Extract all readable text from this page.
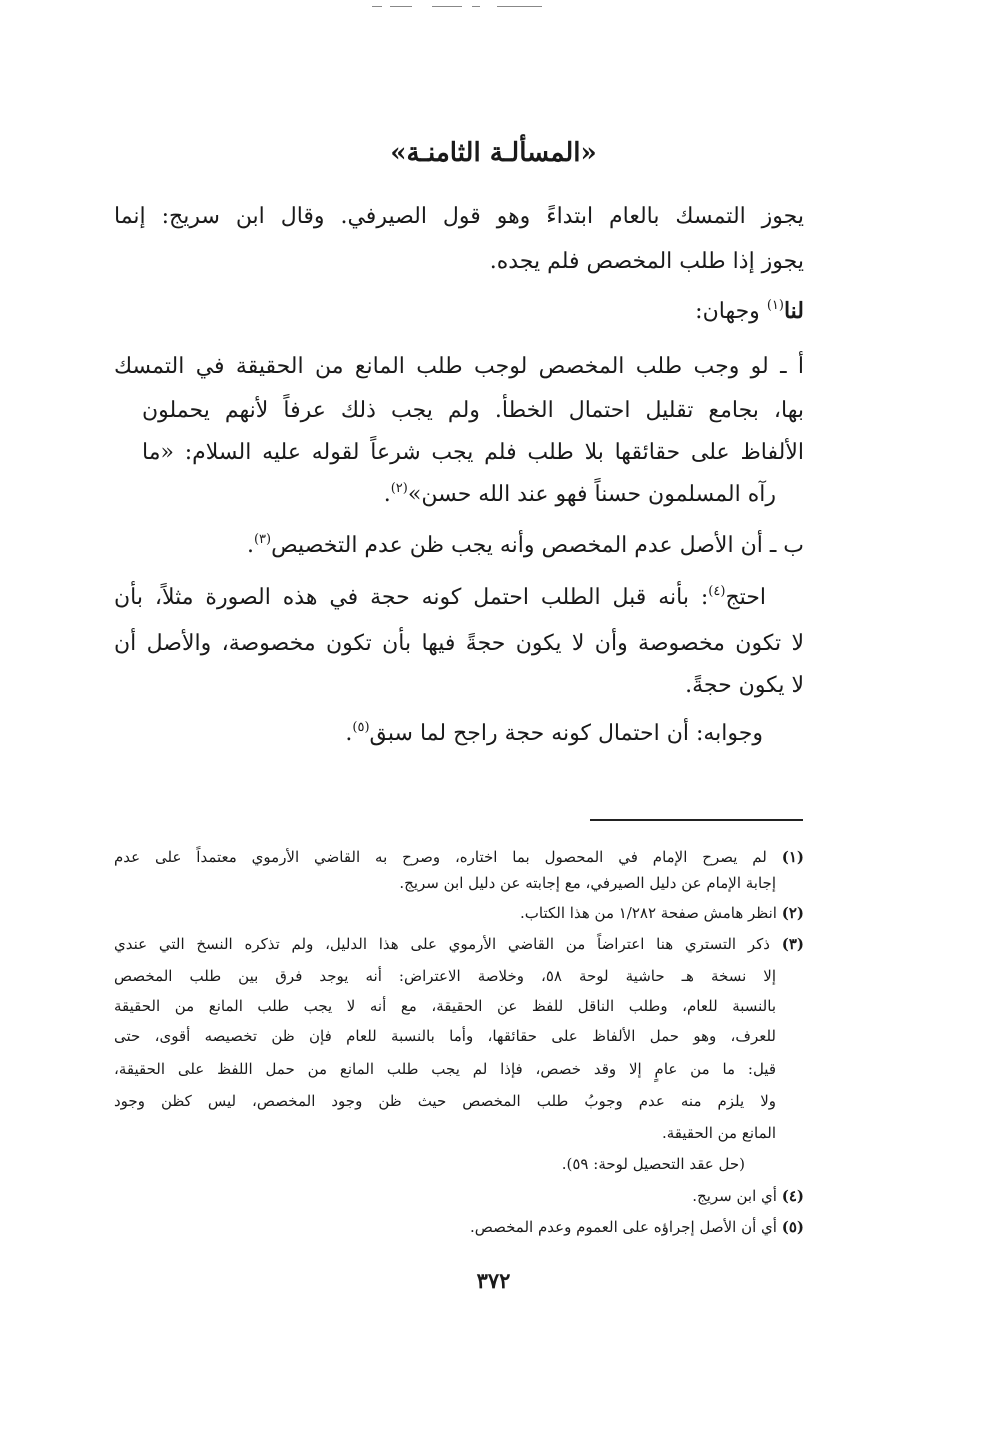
«المسألـة الثامنـة»
يجوز التمسك بالعام ابتداءً وهو قول الصيرفي. وقال ابن سريج: إنما
يجوز إذا طلب المخصص فلم يجده.
لنا$^{(١)}$ وجهان:
أ ـ لو وجب طلب المخصص لوجب طلب المانع من الحقيقة في التمسك
بها، بجامع تقليل احتمال الخطأ. ولم يجب ذلك عرفاً لأنهم يحملون
الألفاظ على حقائقها بلا طلب فلم يجب شرعاً لقوله عليه السلام: «ما
رآه المسلمون حسناً فهو عند الله حسن»$^{(٢)}$.
ب ـ أن الأصل عدم المخصص وأنه يجب ظن عدم التخصيص$^{(٣)}$.
احتج$^{(٤)}$: بأنه قبل الطلب احتمل كونه حجة في هذه الصورة مثلاً، بأن
لا تكون مخصوصة وأن لا يكون حجةً فيها بأن تكون مخصوصة، والأصل أن
لا يكون حجةً.
وجوابه: أن احتمال كونه حجة راجح لما سبق$^{(٥)}$.
(١) لم يصرح الإمام في المحصول بما اختاره، وصرح به القاضي الأرموي معتمداً على عدم
إجابة الإمام عن دليل الصيرفي، مع إجابته عن دليل ابن سريج.
(٢) انظر هامش صفحة ١/٢٨٢ من هذا الكتاب.
(٣) ذكر التستري هنا اعتراضاً من القاضي الأرموي على هذا الدليل، ولم تذكره النسخ التي عندي
إلا نسخة هـ حاشية لوحة ٥٨، وخلاصة الاعتراض: أنه يوجد فرق بين طلب المخصص
بالنسبة للعام، وطلب الناقل للفظ عن الحقيقة، مع أنه لا يجب طلب المانع من الحقيقة
للعرف، وهو حمل الألفاظ على حقائقها، وأما بالنسبة للعام فإن ظن تخصيصه أقوى، حتى
قيل: ما من عامٍ إلا وقد خصص، فإذا لم يجب طلب المانع من حمل اللفظ على الحقيقة،
ولا يلزم منه عدم وجوبُ طلب المخصص حيث ظن وجود المخصص، ليس كظن وجود
المانع من الحقيقة.
(حل عقد التحصيل لوحة: ٥٩).
(٤) أي ابن سريج.
(٥) أي أن الأصل إجراؤه على العموم وعدم المخصص.
٣٧٢
